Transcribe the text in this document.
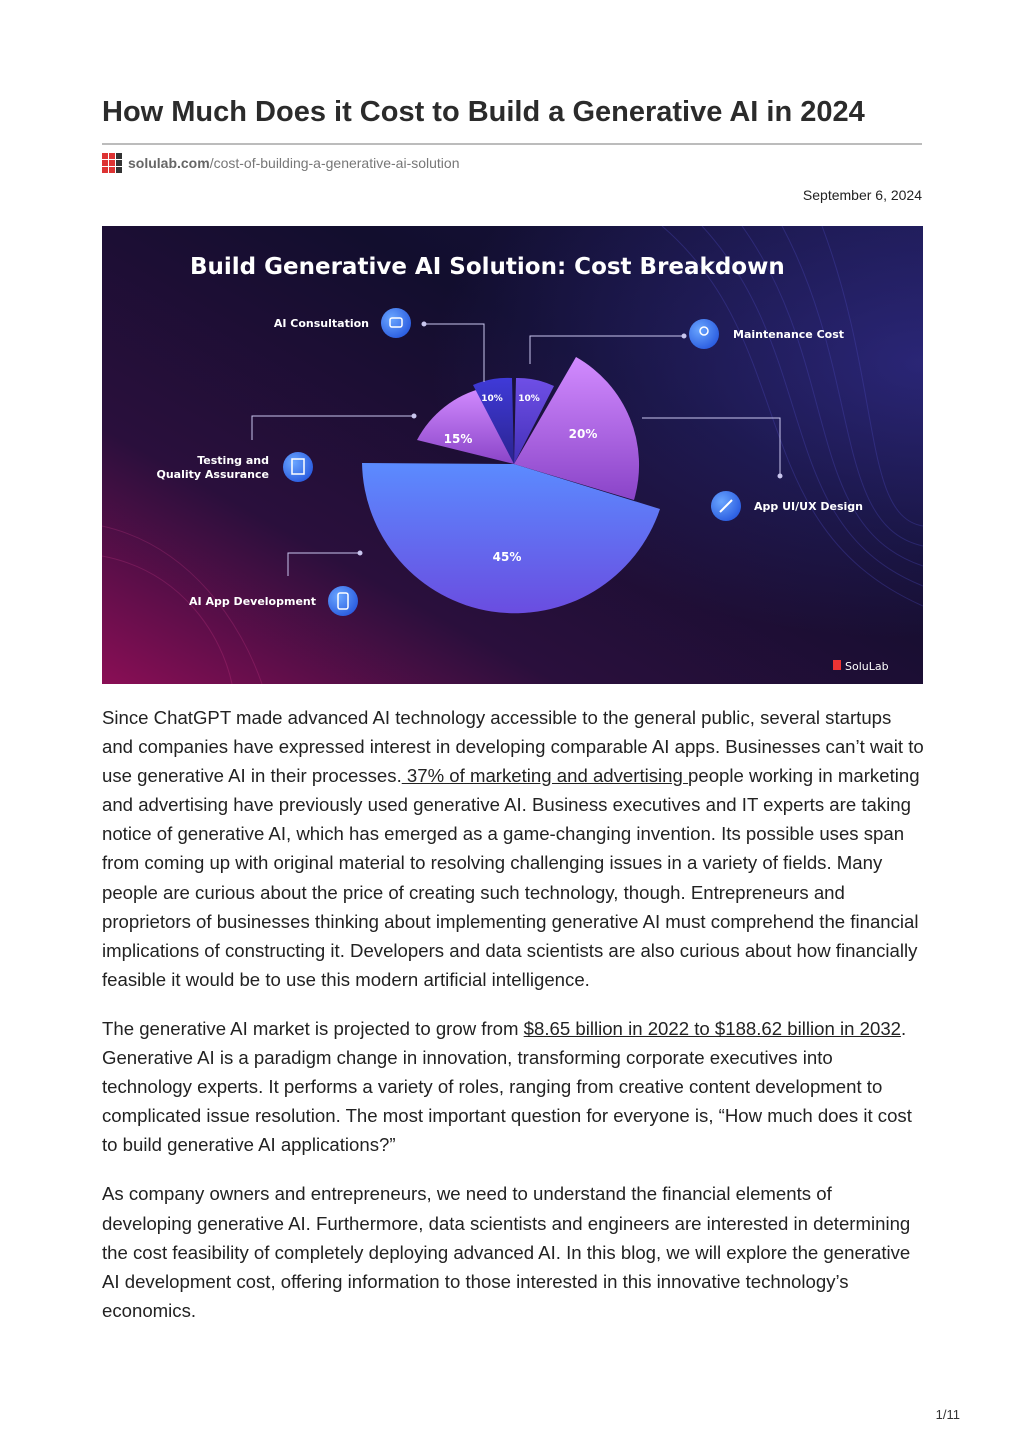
How Much Does it Cost to Build a Generative AI in 2024
solulab.com /cost-of-building-a-generative-ai-solution
September 6, 2024
Build Generative AI Solution: Cost Breakdown
10% 10%
20%
45%
15%
AI Consultation
Maintenance Cost
App UI/UX Design
AI App Development
Testing and
Quality Assurance
SoluLab

Since ChatGPT made advanced AI technology accessible to the general public, several startups and companies have expressed interest in developing comparable AI apps. Businesses can’t wait to use generative AI in their processes. 37% of marketing and advertising people working in marketing and advertising have previously used generative AI. Business executives and IT experts are taking notice of generative AI, which has emerged as a game-changing invention. Its possible uses span from coming up with original material to resolving challenging issues in a variety of fields. Many people are curious about the price of creating such technology, though. Entrepreneurs and proprietors of businesses thinking about implementing generative AI must comprehend the financial implications of constructing it. Developers and data scientists are also curious about how financially feasible it would be to use this modern artificial intelligence.

The generative AI market is projected to grow from $8.65 billion in 2022 to $188.62 billion in 2032. Generative AI is a paradigm change in innovation, transforming corporate executives into technology experts. It performs a variety of roles, ranging from creative content development to complicated issue resolution. The most important question for everyone is, “How much does it cost to build generative AI applications?”

As company owners and entrepreneurs, we need to understand the financial elements of developing generative AI. Furthermore, data scientists and engineers are interested in determining the cost feasibility of completely deploying advanced AI. In this blog, we will explore the generative AI development cost, offering information to those interested in this innovative technology’s economics.

1/11
